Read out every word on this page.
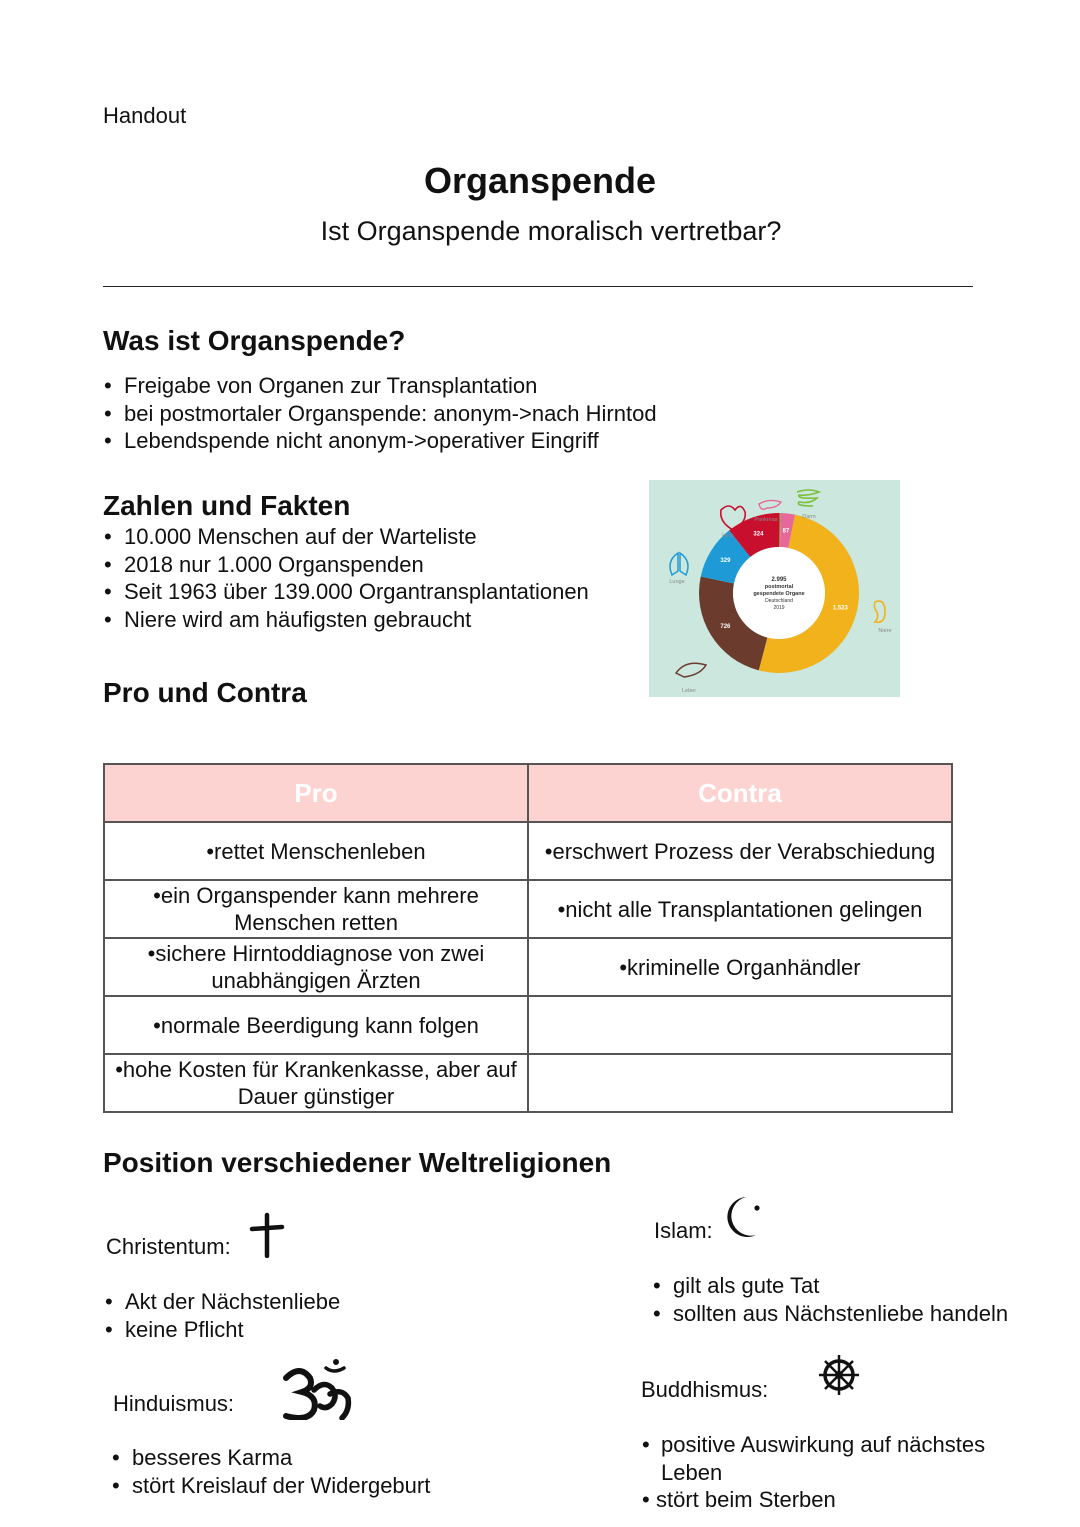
Handout
Organspende
Ist Organspende moralisch vertretbar?
Was ist Organspende?
• Freigabe von Organen zur Transplantation
• bei postmortaler Organspende: anonym->nach Hirntod
• Lebendspende nicht anonym->operativer Eingriff
Zahlen und Fakten
• 10.000 Menschen auf der Warteliste
• 2018 nur 1.000 Organspenden
• Seit 1963 über 139.000 Organtransplantationen
• Niere wird am häufigsten gebraucht
2.995
postmortal
gespendete Organe
Deutschland
2019
87
1.523
726
329
324
Pankreas
Niere
Leber
Lunge
Herz
Darm
Pro und Contra
Pro	Contra
•rettet Menschenleben	•erschwert Prozess der Verabschiedung
•ein Organspender kann mehrere Menschen retten	•nicht alle Transplantationen gelingen
•sichere Hirntoddiagnose von zwei unabhängigen Ärzten	•kriminelle Organhändler
•normale Beerdigung kann folgen	
•hohe Kosten für Krankenkasse, aber auf Dauer günstiger	
Position verschiedener Weltreligionen
Christentum:
• Akt der Nächstenliebe
• keine Pflicht
Islam:
• gilt als gute Tat
• sollten aus Nächstenliebe handeln
Hinduismus:
• besseres Karma
• stört Kreislauf der Widergeburt
Buddhismus:
• positive Auswirkung auf nächstes Leben
• stört beim Sterben
